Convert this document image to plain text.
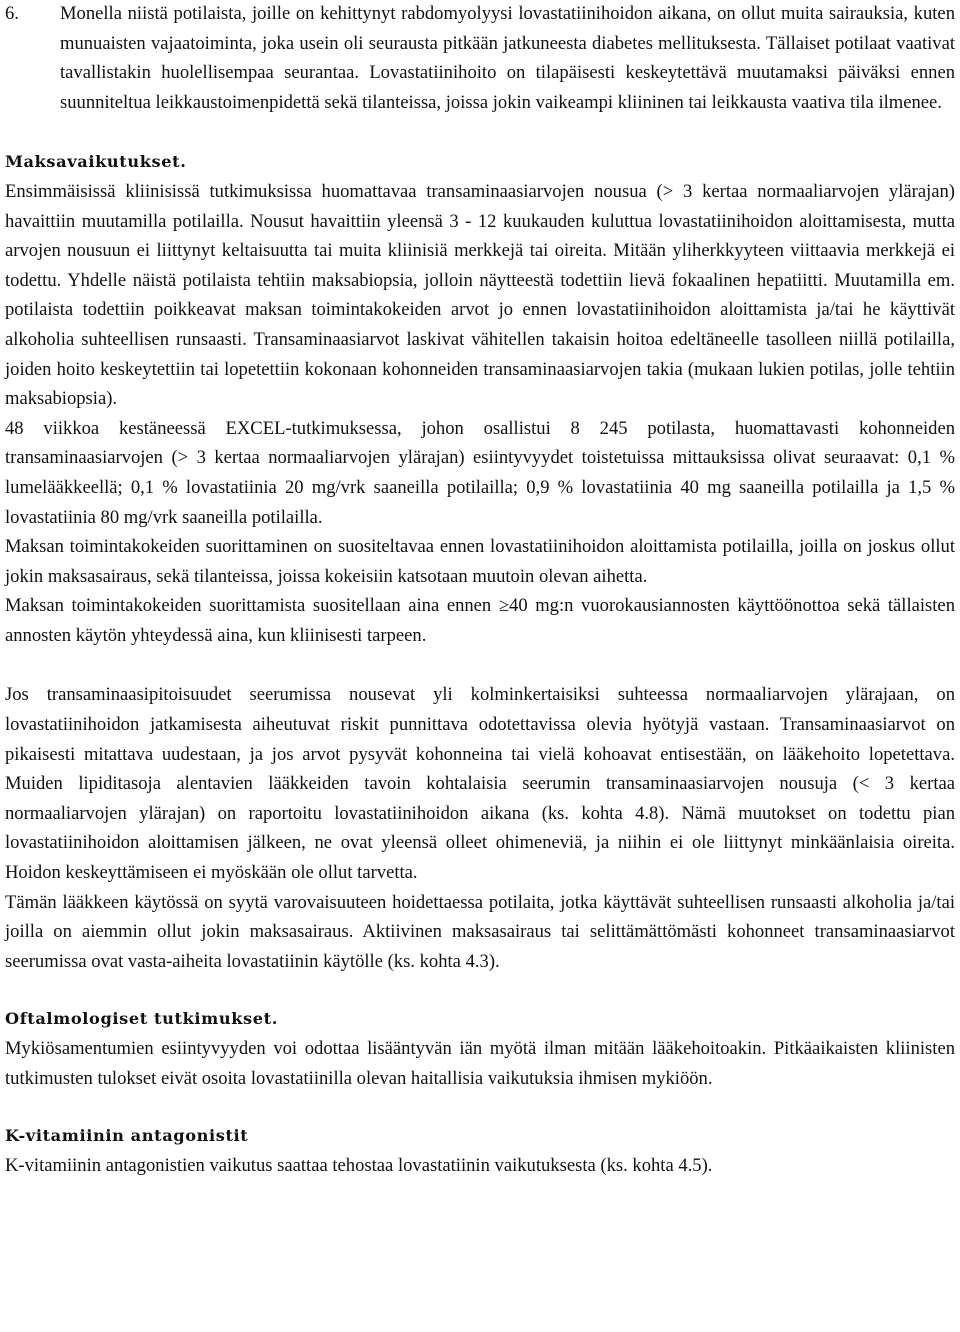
6. Monella niistä potilaista, joille on kehittynyt rabdomyolyysi lovastatiinihoidon aikana, on ollut muita sairauksia, kuten munuaisten vajaatoiminta, joka usein oli seurausta pitkään jatkuneesta diabetes mellituksesta. Tällaiset potilaat vaativat tavallistakin huolellisempaa seurantaa. Lovastatiinihoito on tilapäisesti keskeytettävä muutamaksi päiväksi ennen suunniteltua leikkaustoimenpidettä sekä tilanteissa, joissa jokin vaikeampi kliininen tai leikkausta vaativa tila ilmenee.

Maksavaikutukset.

Ensimmäisissä kliinisissä tutkimuksissa huomattavaa transaminaasiarvojen nousua (> 3 kertaa normaaliarvojen ylärajan) havaittiin muutamilla potilailla. Nousut havaittiin yleensä 3 - 12 kuukauden kuluttua lovastatiinihoidon aloittamisesta, mutta arvojen nousuun ei liittynyt keltaisuutta tai muita kliinisiä merkkejä tai oireita. Mitään yliherkkyyteen viittaavia merkkejä ei todettu. Yhdelle näistä potilaista tehtiin maksabiopsia, jolloin näytteestä todettiin lievä fokaalinen hepatiitti. Muutamilla em. potilaista todettiin poikkeavat maksan toimintakokeiden arvot jo ennen lovastatiinihoidon aloittamista ja/tai he käyttivät alkoholia suhteellisen runsaasti. Transaminaasiarvot laskivat vähitellen takaisin hoitoa edeltäneelle tasolleen niillä potilailla, joiden hoito keskeytettiin tai lopetettiin kokonaan kohonneiden transaminaasiarvojen takia (mukaan lukien potilas, jolle tehtiin maksabiopsia).

48 viikkoa kestäneessä EXCEL-tutkimuksessa, johon osallistui 8 245 potilasta, huomattavasti kohonneiden transaminaasiarvojen (> 3 kertaa normaaliarvojen ylärajan) esiintyvyydet toistetuissa mittauksissa olivat seuraavat: 0,1 % lumelääkkeellä; 0,1 % lovastatiinia 20 mg/vrk saaneilla potilailla; 0,9 % lovastatiinia 40 mg saaneilla potilailla ja 1,5 % lovastatiinia 80 mg/vrk saaneilla potilailla.

Maksan toimintakokeiden suorittaminen on suositeltavaa ennen lovastatiinihoidon aloittamista potilailla, joilla on joskus ollut jokin maksasairaus, sekä tilanteissa, joissa kokeisiin katsotaan muutoin olevan aihetta.

Maksan toimintakokeiden suorittamista suositellaan aina ennen ≥40 mg:n vuorokausiannosten käyttöönottoa sekä tällaisten annosten käytön yhteydessä aina, kun kliinisesti tarpeen.

Jos transaminaasipitoisuudet seerumissa nousevat yli kolminkertaisiksi suhteessa normaaliarvojen ylärajaan, on lovastatiinihoidon jatkamisesta aiheutuvat riskit punnittava odotettavissa olevia hyötyjä vastaan. Transaminaasiarvot on pikaisesti mitattava uudestaan, ja jos arvot pysyvät kohonneina tai vielä kohoavat entisestään, on lääkehoito lopetettava. Muiden lipiditasoja alentavien lääkkeiden tavoin kohtalaisia seerumin transaminaasiarvojen nousuja (< 3 kertaa normaaliarvojen ylärajan) on raportoitu lovastatiinihoidon aikana (ks. kohta 4.8). Nämä muutokset on todettu pian lovastatiinihoidon aloittamisen jälkeen, ne ovat yleensä olleet ohimeneviä, ja niihin ei ole liittynyt minkäänlaisia oireita. Hoidon keskeyttämiseen ei myöskään ole ollut tarvetta.

Tämän lääkkeen käytössä on syytä varovaisuuteen hoidettaessa potilaita, jotka käyttävät suhteellisen runsaasti alkoholia ja/tai joilla on aiemmin ollut jokin maksasairaus. Aktiivinen maksasairaus tai selittämättömästi kohonneet transaminaasiarvot seerumissa ovat vasta-aiheita lovastatiinin käytölle (ks. kohta 4.3).

Oftalmologiset tutkimukset.

Mykiösamentumien esiintyvyyden voi odottaa lisääntyvän iän myötä ilman mitään lääkehoitoakin. Pitkäaikaisten kliinisten tutkimusten tulokset eivät osoita lovastatiinilla olevan haitallisia vaikutuksia ihmisen mykiöön.

K-vitamiinin antagonistit

K-vitamiinin antagonistien vaikutus saattaa tehostaa lovastatiinin vaikutuksesta (ks. kohta 4.5).
